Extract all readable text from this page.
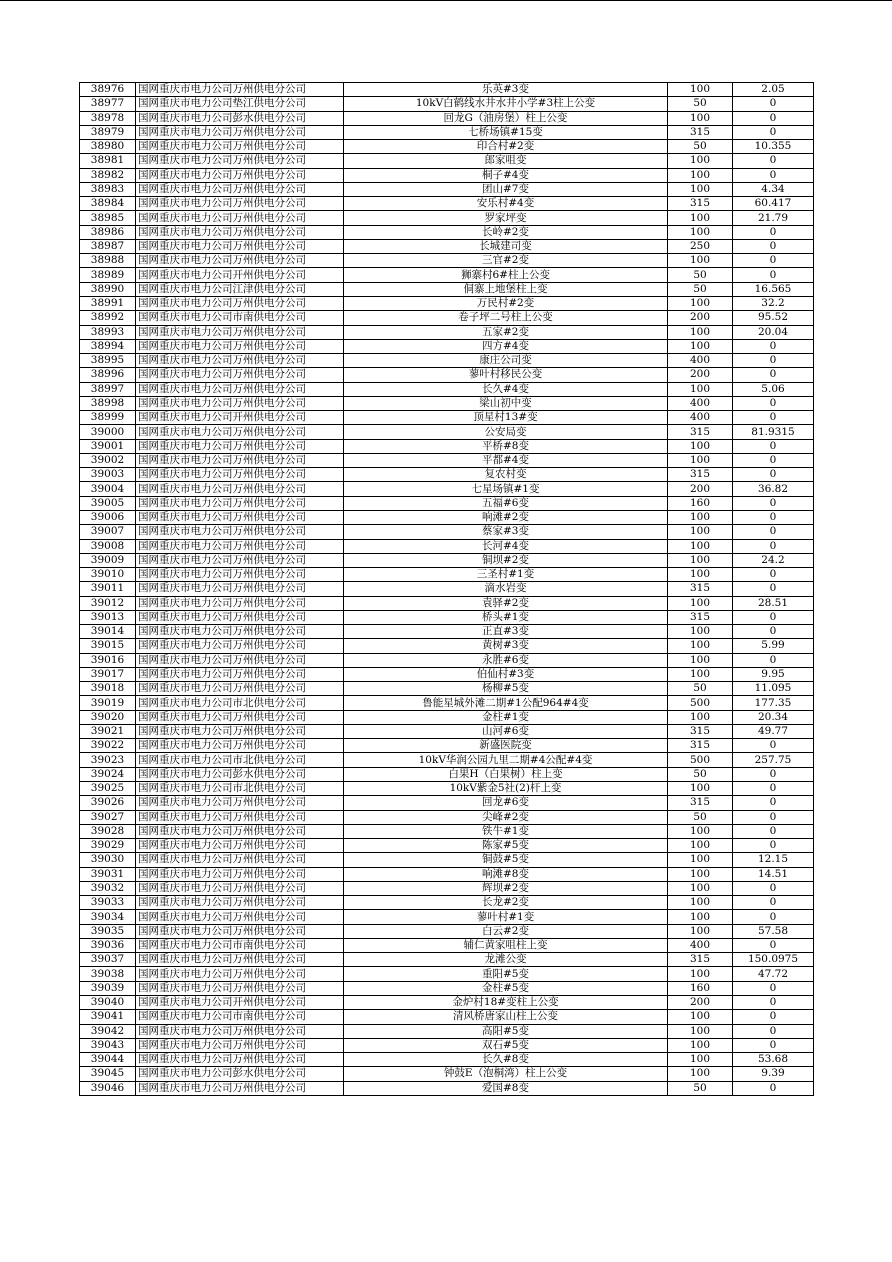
38976	国网重庆市电力公司万州供电分公司	乐英#3变	100	2.05
38977	国网重庆市电力公司垫江供电分公司	10kV白鹤线水井水井小学#3柱上公变	50	0
38978	国网重庆市电力公司彭水供电分公司	回龙G（油房堡）柱上公变	100	0
38979	国网重庆市电力公司万州供电分公司	七桥场镇#15变	315	0
38980	国网重庆市电力公司万州供电分公司	印合村#2变	50	10.355
38981	国网重庆市电力公司万州供电分公司	郎家咀变	100	0
38982	国网重庆市电力公司万州供电分公司	桐子#4变	100	0
38983	国网重庆市电力公司万州供电分公司	团山#7变	100	4.34
38984	国网重庆市电力公司万州供电分公司	安乐村#4变	315	60.417
38985	国网重庆市电力公司万州供电分公司	罗家坪变	100	21.79
38986	国网重庆市电力公司万州供电分公司	长岭#2变	100	0
38987	国网重庆市电力公司万州供电分公司	长城建司变	250	0
38988	国网重庆市电力公司万州供电分公司	三官#2变	100	0
38989	国网重庆市电力公司开州供电分公司	狮寨村6#柱上公变	50	0
38990	国网重庆市电力公司江津供电分公司	侗寨上地堡柱上变	50	16.565
38991	国网重庆市电力公司万州供电分公司	万民村#2变	100	32.2
38992	国网重庆市电力公司市南供电分公司	卷子坪二号柱上公变	200	95.52
38993	国网重庆市电力公司万州供电分公司	五家#2变	100	20.04
38994	国网重庆市电力公司万州供电分公司	四方#4变	100	0
38995	国网重庆市电力公司万州供电分公司	康庄公司变	400	0
38996	国网重庆市电力公司万州供电分公司	蓼叶村移民公变	200	0
38997	国网重庆市电力公司万州供电分公司	长久#4变	100	5.06
38998	国网重庆市电力公司万州供电分公司	梁山初中变	400	0
38999	国网重庆市电力公司开州供电分公司	顶星村13#变	400	0
39000	国网重庆市电力公司万州供电分公司	公安局变	315	81.9315
39001	国网重庆市电力公司万州供电分公司	平桥#8变	100	0
39002	国网重庆市电力公司万州供电分公司	平都#4变	100	0
39003	国网重庆市电力公司万州供电分公司	复农村变	315	0
39004	国网重庆市电力公司万州供电分公司	七星场镇#1变	200	36.82
39005	国网重庆市电力公司万州供电分公司	五福#6变	160	0
39006	国网重庆市电力公司万州供电分公司	响滩#2变	100	0
39007	国网重庆市电力公司万州供电分公司	蔡家#3变	100	0
39008	国网重庆市电力公司万州供电分公司	长河#4变	100	0
39009	国网重庆市电力公司万州供电分公司	铜坝#2变	100	24.2
39010	国网重庆市电力公司万州供电分公司	三圣村#1变	100	0
39011	国网重庆市电力公司万州供电分公司	滴水岩变	315	0
39012	国网重庆市电力公司万州供电分公司	袁驿#2变	100	28.51
39013	国网重庆市电力公司万州供电分公司	桥头#1变	315	0
39014	国网重庆市电力公司万州供电分公司	正直#3变	100	0
39015	国网重庆市电力公司万州供电分公司	黄树#3变	100	5.99
39016	国网重庆市电力公司万州供电分公司	永胜#6变	100	0
39017	国网重庆市电力公司万州供电分公司	伯仙村#3变	100	9.95
39018	国网重庆市电力公司万州供电分公司	杨柳#5变	50	11.095
39019	国网重庆市电力公司市北供电分公司	鲁能星城外滩二期#1公配964#4变	500	177.35
39020	国网重庆市电力公司万州供电分公司	金柱#1变	100	20.34
39021	国网重庆市电力公司万州供电分公司	山河#6变	315	49.77
39022	国网重庆市电力公司万州供电分公司	新盛医院变	315	0
39023	国网重庆市电力公司市北供电分公司	10kV华润公园九里二期#4公配#4变	500	257.75
39024	国网重庆市电力公司彭水供电分公司	白果H（白果树）柱上变	50	0
39025	国网重庆市电力公司市北供电分公司	10kV紫金5社(2)杆上变	100	0
39026	国网重庆市电力公司万州供电分公司	回龙#6变	315	0
39027	国网重庆市电力公司万州供电分公司	尖峰#2变	50	0
39028	国网重庆市电力公司万州供电分公司	铁牛#1变	100	0
39029	国网重庆市电力公司万州供电分公司	陈家#5变	100	0
39030	国网重庆市电力公司万州供电分公司	铜鼓#5变	100	12.15
39031	国网重庆市电力公司万州供电分公司	响滩#8变	100	14.51
39032	国网重庆市电力公司万州供电分公司	辉坝#2变	100	0
39033	国网重庆市电力公司万州供电分公司	长龙#2变	100	0
39034	国网重庆市电力公司万州供电分公司	蓼叶村#1变	100	0
39035	国网重庆市电力公司万州供电分公司	白云#2变	100	57.58
39036	国网重庆市电力公司市南供电分公司	辅仁黄家咀柱上变	400	0
39037	国网重庆市电力公司万州供电分公司	龙滩公变	315	150.0975
39038	国网重庆市电力公司万州供电分公司	重阳#5变	100	47.72
39039	国网重庆市电力公司万州供电分公司	金柱#5变	160	0
39040	国网重庆市电力公司开州供电分公司	金炉村18#变柱上公变	200	0
39041	国网重庆市电力公司市南供电分公司	清风桥唐家山柱上公变	100	0
39042	国网重庆市电力公司万州供电分公司	高阳#5变	100	0
39043	国网重庆市电力公司万州供电分公司	双石#5变	100	0
39044	国网重庆市电力公司万州供电分公司	长久#8变	100	53.68
39045	国网重庆市电力公司彭水供电分公司	钟鼓E（泡桐湾）柱上公变	100	9.39
39046	国网重庆市电力公司万州供电分公司	爱国#8变	50	0
